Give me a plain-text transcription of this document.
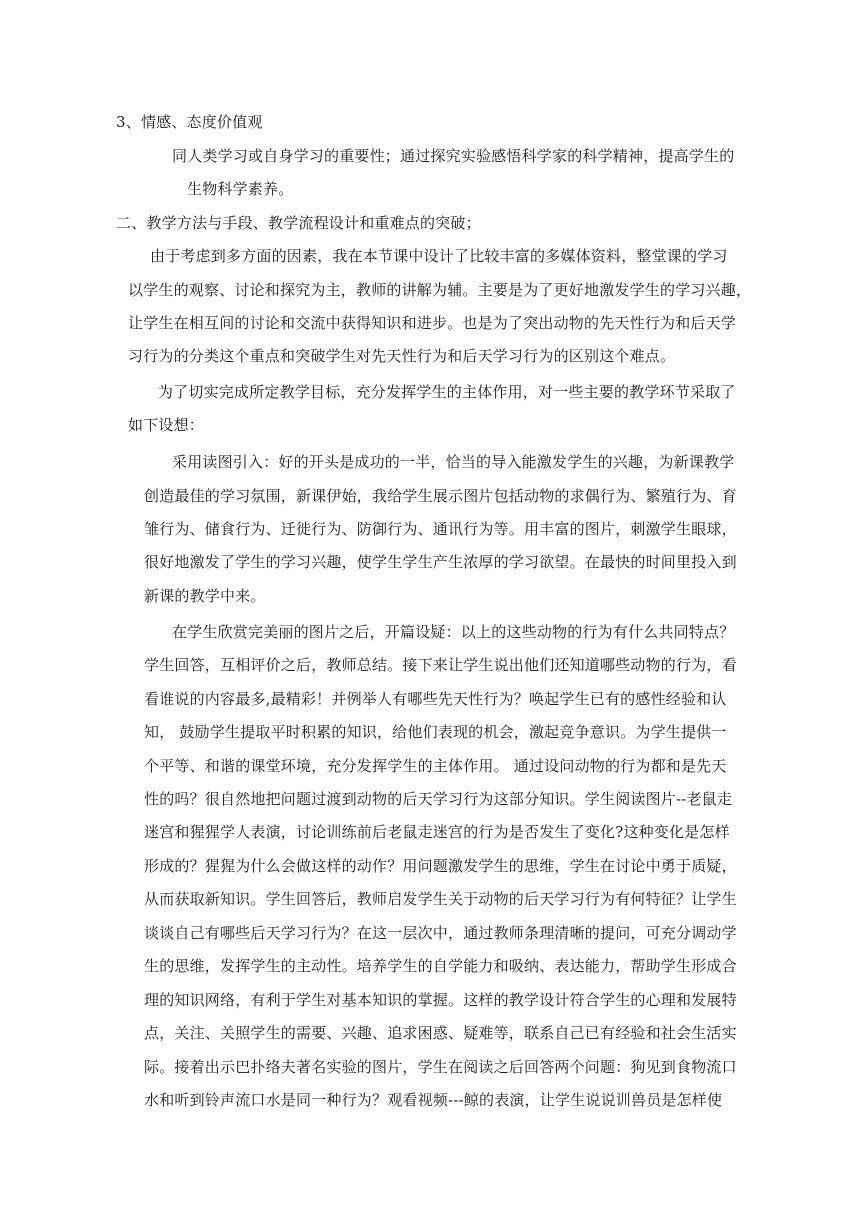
3、情感、态度价值观
同人类学习或自身学习的重要性；通过探究实验感悟科学家的科学精神，提高学生的
生物科学素养。
二、教学方法与手段、教学流程设计和重难点的突破；
由于考虑到多方面的因素，我在本节课中设计了比较丰富的多媒体资料，整堂课的学习
以学生的观察、讨论和探究为主，教师的讲解为辅。主要是为了更好地激发学生的学习兴趣，
让学生在相互间的讨论和交流中获得知识和进步。也是为了突出动物的先天性行为和后天学
习行为的分类这个重点和突破学生对先天性行为和后天学习行为的区别这个难点。
为了切实完成所定教学目标，充分发挥学生的主体作用，对一些主要的教学环节采取了
如下设想：
采用读图引入：好的开头是成功的一半，恰当的导入能激发学生的兴趣，为新课教学
创造最佳的学习氛围，新课伊始，我给学生展示图片包括动物的求偶行为、繁殖行为、育
雏行为、储食行为、迁徙行为、防御行为、通讯行为等。用丰富的图片，刺激学生眼球，
很好地激发了学生的学习兴趣，使学生学生产生浓厚的学习欲望。在最快的时间里投入到
新课的教学中来。
在学生欣赏完美丽的图片之后，开篇设疑：以上的这些动物的行为有什么共同特点？
学生回答，互相评价之后，教师总结。接下来让学生说出他们还知道哪些动物的行为，看
看谁说的内容最多,最精彩！并例举人有哪些先天性行为？唤起学生已有的感性经验和认
知， 鼓励学生提取平时积累的知识，给他们表现的机会，激起竞争意识。为学生提供一
个平等、和谐的课堂环境，充分发挥学生的主体作用。 通过设问动物的行为都和是先天
性的吗？很自然地把问题过渡到动物的后天学习行为这部分知识。学生阅读图片--老鼠走
迷宫和猩猩学人表演，讨论训练前后老鼠走迷宫的行为是否发生了变化?这种变化是怎样
形成的？猩猩为什么会做这样的动作？用问题激发学生的思维，学生在讨论中勇于质疑，
从而获取新知识。学生回答后，教师启发学生关于动物的后天学习行为有何特征？让学生
谈谈自己有哪些后天学习行为？在这一层次中，通过教师条理清晰的提问，可充分调动学
生的思维，发挥学生的主动性。培养学生的自学能力和吸纳、表达能力，帮助学生形成合
理的知识网络，有利于学生对基本知识的掌握。这样的教学设计符合学生的心理和发展特
点，关注、关照学生的需要、兴趣、追求困惑、疑难等，联系自己已有经验和社会生活实
际。接着出示巴扑络夫著名实验的图片，学生在阅读之后回答两个问题：狗见到食物流口
水和听到铃声流口水是同一种行为？观看视频---鲸的表演，让学生说说训兽员是怎样使
